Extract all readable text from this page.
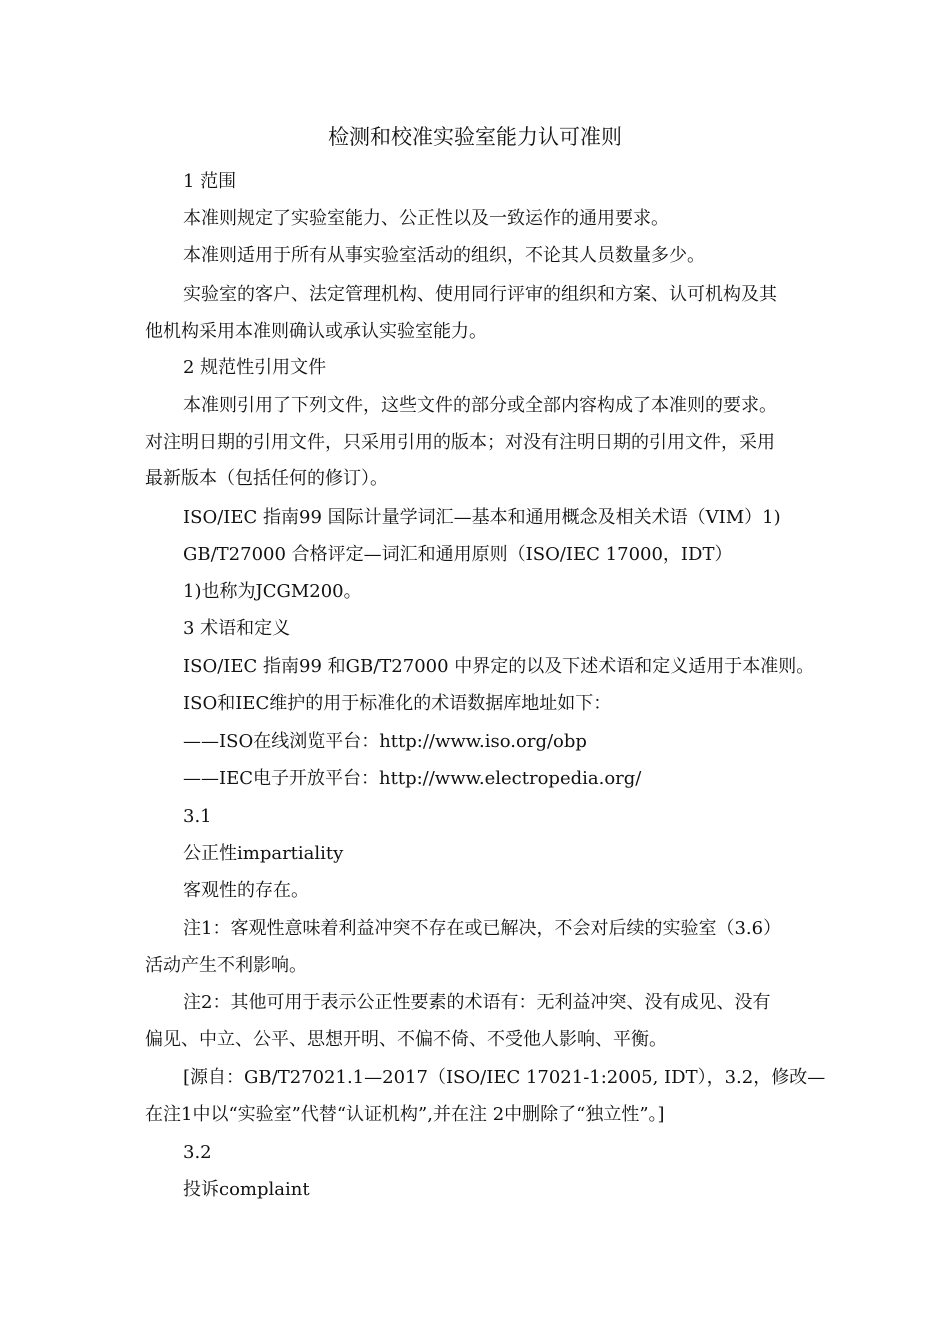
检测和校准实验室能力认可准则
1 范围
本准则规定了实验室能力、公正性以及一致运作的通用要求。
本准则适用于所有从事实验室活动的组织，不论其人员数量多少。
实验室的客户、法定管理机构、使用同行评审的组织和方案、认可机构及其
他机构采用本准则确认或承认实验室能力。
2 规范性引用文件
本准则引用了下列文件，这些文件的部分或全部内容构成了本准则的要求。
对注明日期的引用文件，只采用引用的版本；对没有注明日期的引用文件，采用
最新版本（包括任何的修订）。
ISO/IEC 指南99 国际计量学词汇—基本和通用概念及相关术语（VIM）1)
GB/T27000 合格评定—词汇和通用原则（ISO/IEC 17000，IDT）
1)也称为JCGM200。
3 术语和定义
ISO/IEC 指南99 和GB/T27000 中界定的以及下述术语和定义适用于本准则。
ISO和IEC维护的用于标准化的术语数据库地址如下：
——ISO在线浏览平台：http://www.iso.org/obp
——IEC电子开放平台：http://www.electropedia.org/
3.1
公正性impartiality
客观性的存在。
注1：客观性意味着利益冲突不存在或已解决，不会对后续的实验室（3.6）
活动产生不利影响。
注2：其他可用于表示公正性要素的术语有：无利益冲突、没有成见、没有
偏见、中立、公平、思想开明、不偏不倚、不受他人影响、平衡。
[源自：GB/T27021.1—2017（ISO/IEC 17021-1:2005, IDT），3.2，修改—
在注1中以“实验室”代替“认证机构”,并在注 2中删除了“独立性”。]
3.2
投诉complaint
